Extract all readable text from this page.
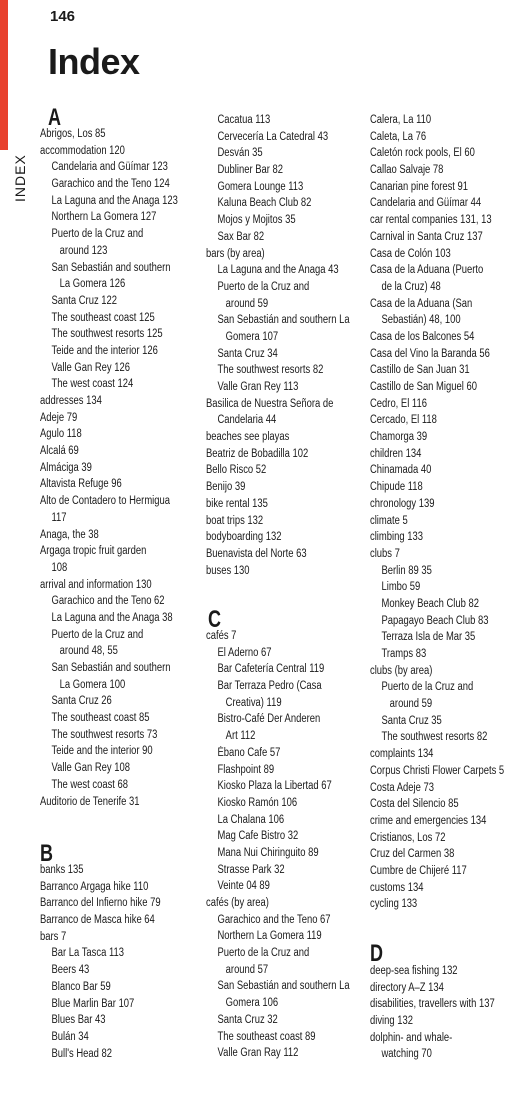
INDEX
146
Index
A
Abrigos, Los 85
accommodation 120
Candelaria and Güímar 123
Garachico and the Teno 124
La Laguna and the Anaga 123
Northern La Gomera 127
Puerto de la Cruz and
around 123
San Sebastián and southern
La Gomera 126
Santa Cruz 122
The southeast coast 125
The southwest resorts 125
Teide and the interior 126
Valle Gan Rey 126
The west coast 124
addresses 134
Adeje 79
Agulo 118
Alcalá 69
Almáciga 39
Altavista Refuge 96
Alto de Contadero to Hermigua
117
Anaga, the 38
Argaga tropic fruit garden
108
arrival and information 130
Garachico and the Teno 62
La Laguna and the Anaga 38
Puerto de la Cruz and
around 48, 55
San Sebastián and southern
La Gomera 100
Santa Cruz 26
The southeast coast 85
The southwest resorts 73
Teide and the interior 90
Valle Gan Rey 108
The west coast 68
Auditorio de Tenerife 31
B
banks 135
Barranco Argaga hike 110
Barranco del Infierno hike 79
Barranco de Masca hike 64
bars 7
Bar La Tasca 113
Beers 43
Blanco Bar 59
Blue Marlin Bar 107
Blues Bar 43
Bulán 34
Bull's Head 82
Cacatua 113
Cervecería La Catedral 43
Desván 35
Dubliner Bar 82
Gomera Lounge 113
Kaluna Beach Club 82
Mojos y Mojitos 35
Sax Bar 82
bars (by area)
La Laguna and the Anaga 43
Puerto de la Cruz and
around 59
San Sebastián and southern La
Gomera 107
Santa Cruz 34
The southwest resorts 82
Valle Gran Rey 113
Basilica de Nuestra Señora de
Candelaria 44
beaches see playas
Beatriz de Bobadilla 102
Bello Risco 52
Benijo 39
bike rental 135
boat trips 132
bodyboarding 132
Buenavista del Norte 63
buses 130
C
cafés 7
El Aderno 67
Bar Cafetería Central 119
Bar Terraza Pedro (Casa
Creativa) 119
Bistro-Café Der Anderen
Art 112
Ébano Cafe 57
Flashpoint 89
Kiosko Plaza la Libertad 67
Kiosko Ramón 106
La Chalana 106
Mag Cafe Bistro 32
Mana Nui Chiringuito 89
Strasse Park 32
Veinte 04 89
cafés (by area)
Garachico and the Teno 67
Northern La Gomera 119
Puerto de la Cruz and
around 57
San Sebastián and southern La
Gomera 106
Santa Cruz 32
The southeast coast 89
Valle Gran Ray 112
Calera, La 110
Caleta, La 76
Caletón rock pools, El 60
Callao Salvaje 78
Canarian pine forest 91
Candelaria and Güímar 44
car rental companies 131, 13
Carnival in Santa Cruz 137
Casa de Colón 103
Casa de la Aduana (Puerto
de la Cruz) 48
Casa de la Aduana (San
Sebastián) 48, 100
Casa de los Balcones 54
Casa del Vino la Baranda 56
Castillo de San Juan 31
Castillo de San Miguel 60
Cedro, El 116
Cercado, El 118
Chamorga 39
children 134
Chinamada 40
Chipude 118
chronology 139
climate 5
climbing 133
clubs 7
Berlin 89 35
Limbo 59
Monkey Beach Club 82
Papagayo Beach Club 83
Terraza Isla de Mar 35
Tramps 83
clubs (by area)
Puerto de la Cruz and
around 59
Santa Cruz 35
The southwest resorts 82
complaints 134
Corpus Christi Flower Carpets 5
Costa Adeje 73
Costa del Silencio 85
crime and emergencies 134
Cristianos, Los 72
Cruz del Carmen 38
Cumbre de Chijeré 117
customs 134
cycling 133
D
deep-sea fishing 132
directory A–Z 134
disabilities, travellers with 137
diving 132
dolphin- and whale-
watching 70
